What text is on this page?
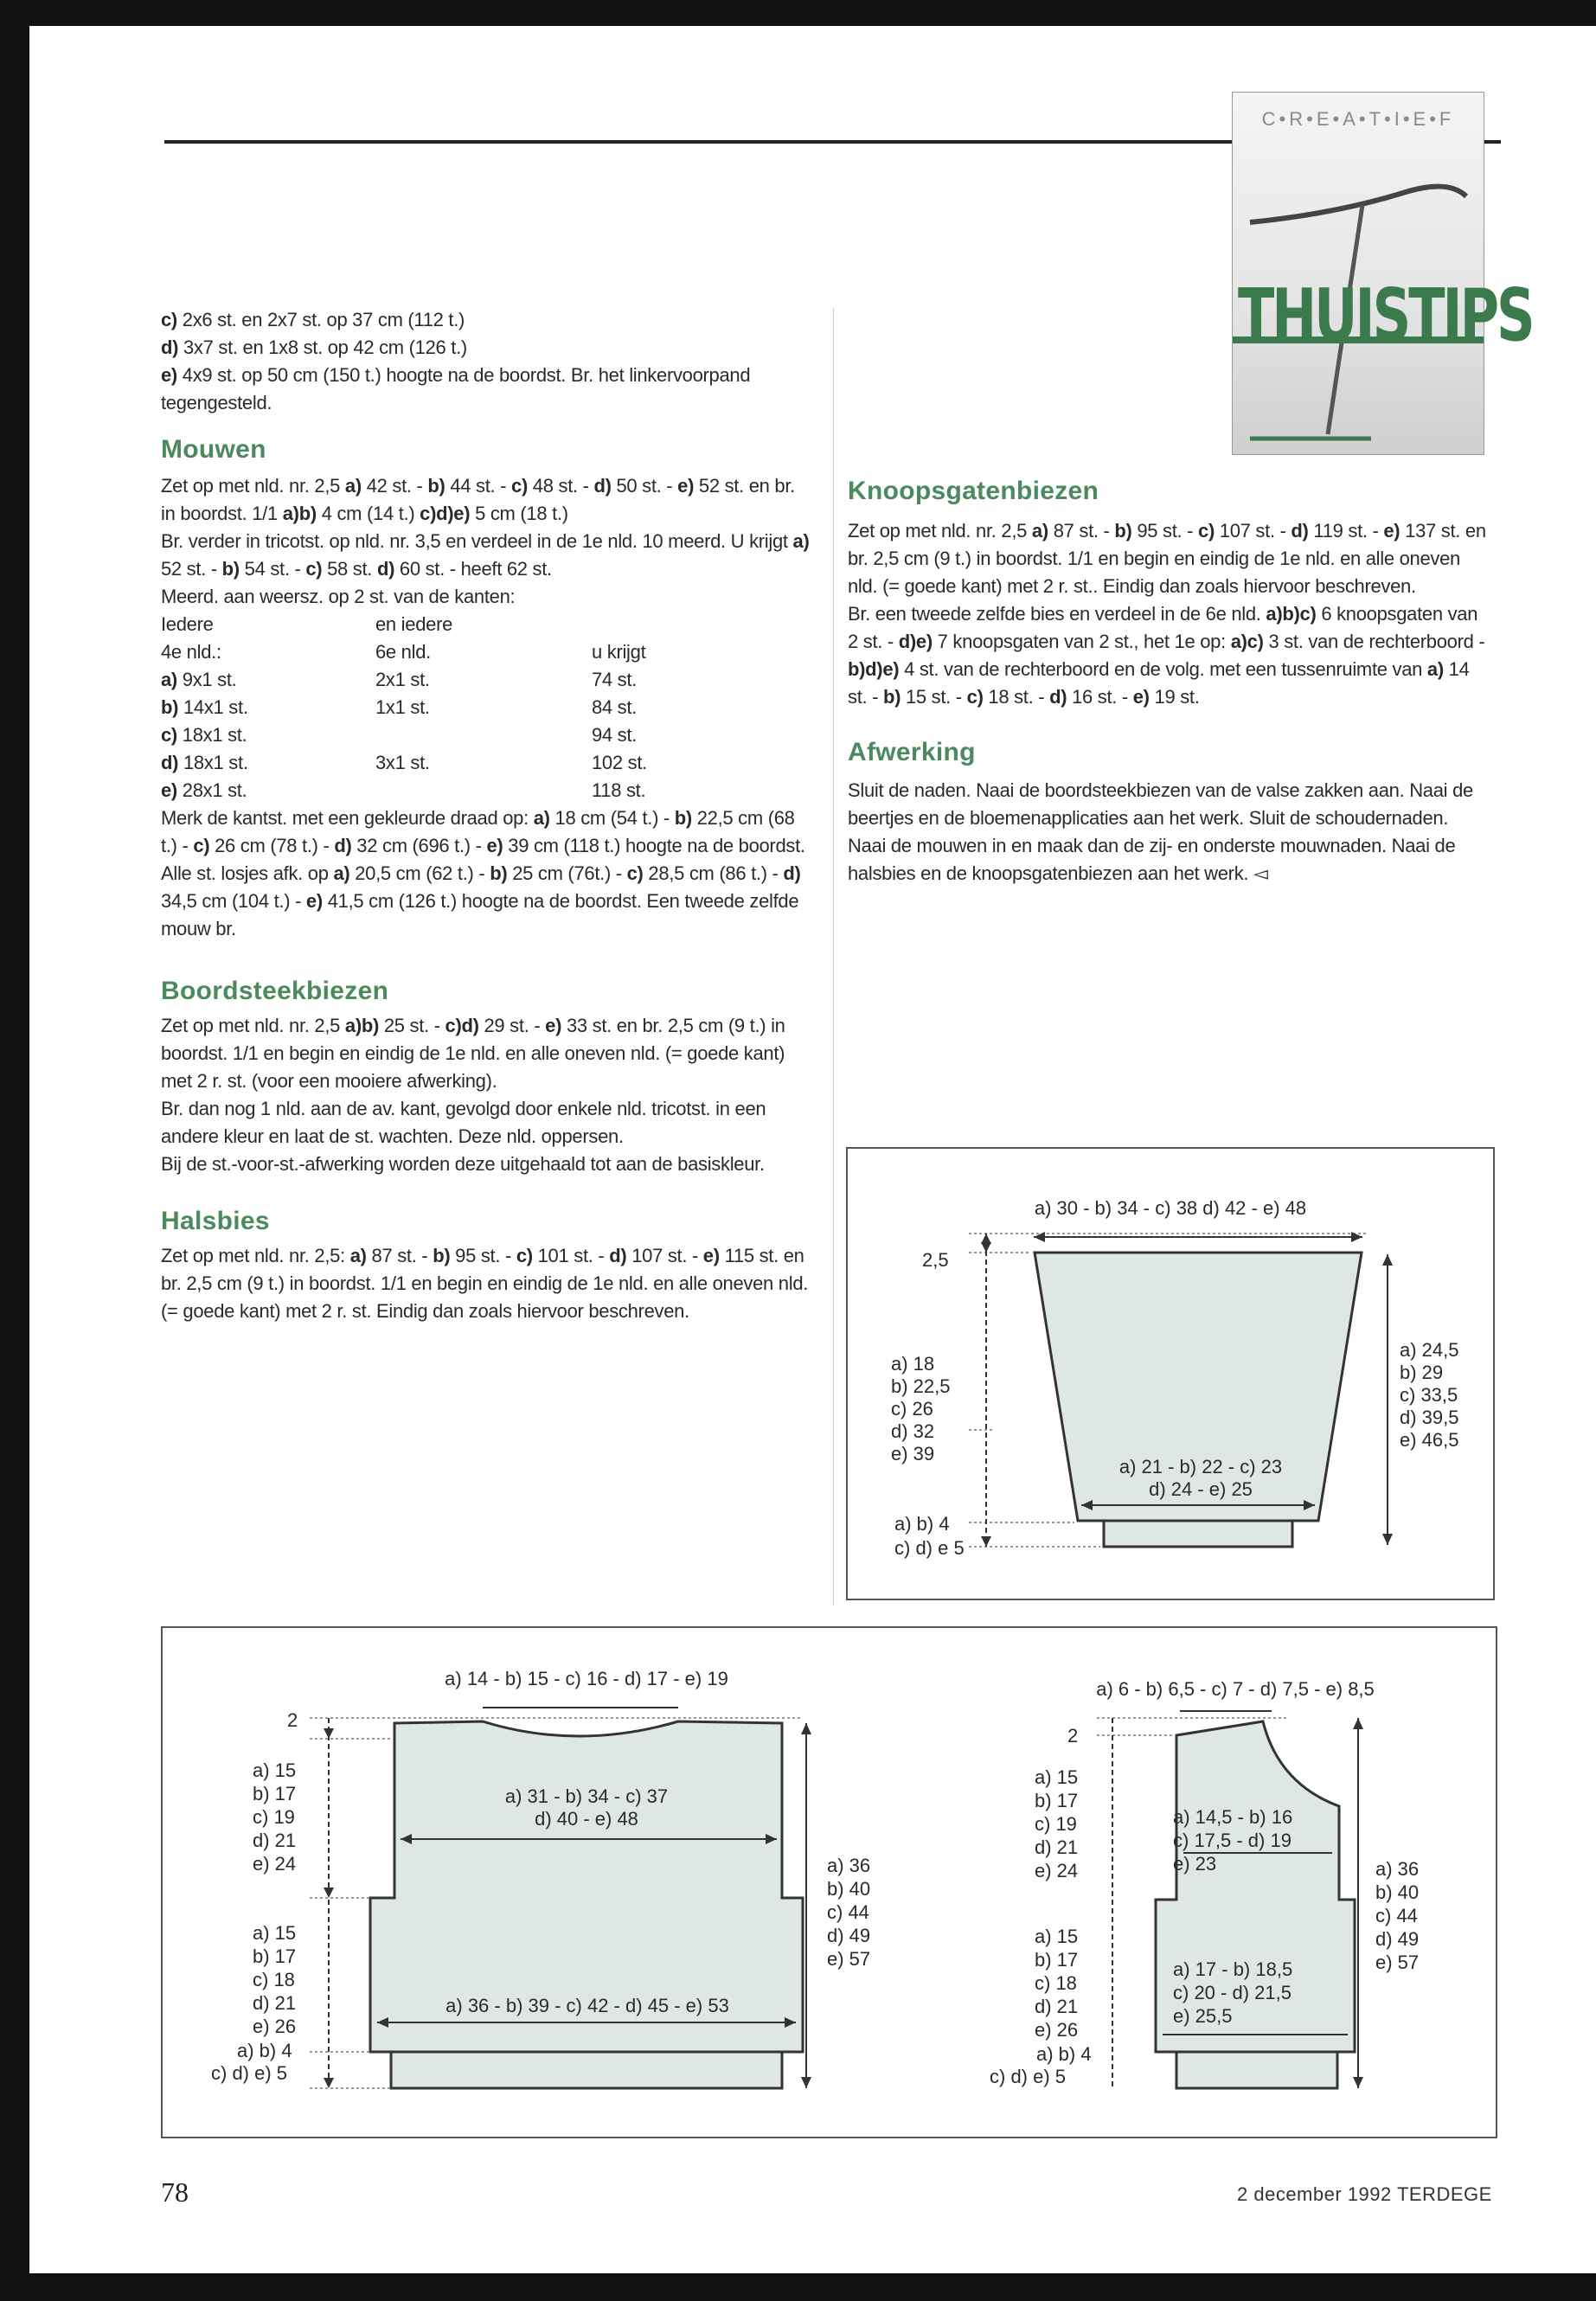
C•R•E•A•T•I•E•F
THUISTIPS

c) 2x6 st. en 2x7 st. op 37 cm (112 t.)

d) 3x7 st. en 1x8 st. op 42 cm (126 t.)

e) 4x9 st. op 50 cm (150 t.) hoogte na de boordst. Br. het linkervoorpand tegengesteld.

Mouwen

Zet op met nld. nr. 2,5 a) 42 st. - b) 44 st. - c) 48 st. - d) 50 st. - e) 52 st. en br. in boordst. 1/1 a)b) 4 cm (14 t.) c)d)e) 5 cm (18 t.)

Br. verder in tricotst. op nld. nr. 3,5 en verdeel in de 1e nld. 10 meerd. U krijgt a) 52 st. - b) 54 st. - c) 58 st. d) 60 st. - heeft 62 st.

Meerd. aan weersz. op 2 st. van de kanten:

Iedere	en iedere	
4e nld.:	6e nld.	u krijgt
a) 9x1 st.	2x1 st.	74 st.
b) 14x1 st.	1x1 st.	84 st.
c) 18x1 st.		94 st.
d) 18x1 st.	3x1 st.	102 st.
e) 28x1 st.		118 st.

Merk de kantst. met een gekleurde draad op: a) 18 cm (54 t.) - b) 22,5 cm (68 t.) - c) 26 cm (78 t.) - d) 32 cm (696 t.) - e) 39 cm (118 t.) hoogte na de boordst.

Alle st. losjes afk. op a) 20,5 cm (62 t.) - b) 25 cm (76t.) - c) 28,5 cm (86 t.) - d) 34,5 cm (104 t.) - e) 41,5 cm (126 t.) hoogte na de boordst. Een tweede zelfde mouw br.

Boordsteekbiezen

Zet op met nld. nr. 2,5 a)b) 25 st. - c)d) 29 st. - e) 33 st. en br. 2,5 cm (9 t.) in boordst. 1/1 en begin en eindig de 1e nld. en alle oneven nld. (= goede kant) met 2 r. st. (voor een mooiere afwerking).

Br. dan nog 1 nld. aan de av. kant, gevolgd door enkele nld. tricotst. in een andere kleur en laat de st. wachten. Deze nld. oppersen.

Bij de st.-voor-st.-afwerking worden deze uitgehaald tot aan de basiskleur.

Halsbies

Zet op met nld. nr. 2,5: a) 87 st. - b) 95 st. - c) 101 st. - d) 107 st. - e) 115 st. en br. 2,5 cm (9 t.) in boordst. 1/1 en begin en eindig de 1e nld. en alle oneven nld. (= goede kant) met 2 r. st. Eindig dan zoals hiervoor beschreven.

Knoopsgatenbiezen

Zet op met nld. nr. 2,5 a) 87 st. - b) 95 st. - c) 107 st. - d) 119 st. - e) 137 st. en br. 2,5 cm (9 t.) in boordst. 1/1 en begin en eindig de 1e nld. en alle oneven nld. (= goede kant) met 2 r. st.. Eindig dan zoals hiervoor beschreven.

Br. een tweede zelfde bies en verdeel in de 6e nld. a)b)c) 6 knoopsgaten van 2 st. - d)e) 7 knoopsgaten van 2 st., het 1e op: a)c) 3 st. van de rechterboord - b)d)e) 4 st. van de rechterboord en de volg. met een tussenruimte van a) 14 st. - b) 15 st. - c) 18 st. - d) 16 st. - e) 19 st.

Afwerking

Sluit de naden. Naai de boordsteekbiezen van de valse zakken aan. Naai de beertjes en de bloemenapplicaties aan het werk. Sluit de schoudernaden.

Naai de mouwen in en maak dan de zij- en onderste mouwnaden. Naai de halsbies en de knoopsgatenbiezen aan het werk. ◅

a) 30 - b) 34 - c) 38 d) 42 - e) 48
2,5
a) 18
b) 22,5
c) 26
d) 32
e) 39
a) 21 - b) 22 - c) 23
d) 24 - e) 25
a) b) 4
c) d) e 5
a) 24,5
b) 29
c) 33,5
d) 39,5
e) 46,5
a) 14 - b) 15 - c) 16 - d) 17 - e) 19
2
a) 15
b) 17
c) 19
d) 21
e) 24
a) 15
b) 17
c) 18
d) 21
e) 26
a) b) 4
c) d) e) 5
a) 31 - b) 34 - c) 37
d) 40 - e) 48
a) 36 - b) 39 - c) 42 - d) 45 - e) 53
a) 36
b) 40
c) 44
d) 49
e) 57
a) 6 - b) 6,5 - c) 7 - d) 7,5 - e) 8,5
2
a) 15
b) 17
c) 19
d) 21
e) 24
a) 15
b) 17
c) 18
d) 21
e) 26
a) b) 4
c) d) e) 5
a) 14,5 - b) 16
c) 17,5 - d) 19
e) 23
a) 17 - b) 18,5
c) 20 - d) 21,5
e) 25,5
a) 36
b) 40
c) 44
d) 49
e) 57
78	2 december 1992 TERDEGE
